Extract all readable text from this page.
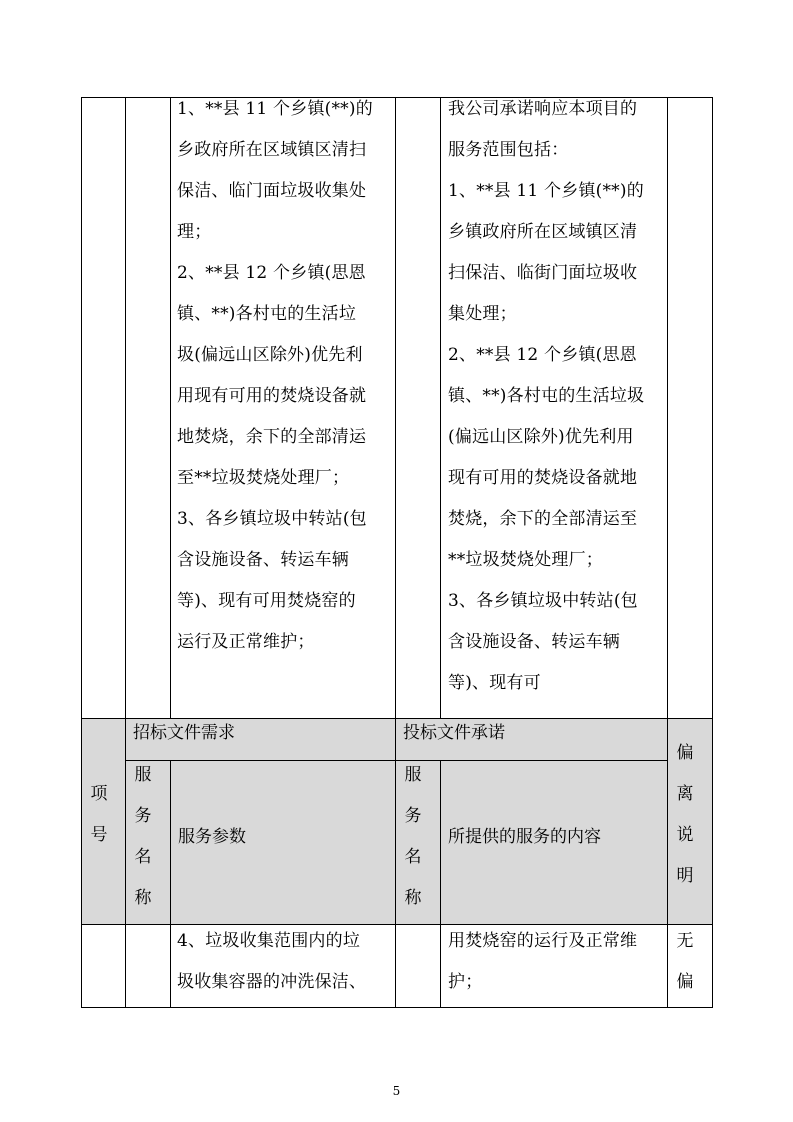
1、**县 11 个乡镇(**)的
乡政府所在区域镇区清扫
保洁、临门面垃圾收集处
理；
2、**县 12 个乡镇(思恩
镇、**)各村屯的生活垃
圾(偏远山区除外)优先利
用现有可用的焚烧设备就
地焚烧，余下的全部清运
至**垃圾焚烧处理厂；
3、各乡镇垃圾中转站(包
含设施设备、转运车辆
等)、现有可用焚烧窑的
运行及正常维护；
我公司承诺响应本项目的
服务范围包括：
1、**县 11 个乡镇(**)的
乡镇政府所在区域镇区清
扫保洁、临街门面垃圾收
集处理；
2、**县 12 个乡镇(思恩
镇、**)各村屯的生活垃圾
(偏远山区除外)优先利用
现有可用的焚烧设备就地
焚烧，余下的全部清运至
**垃圾焚烧处理厂；
3、各乡镇垃圾中转站(包
含设施设备、转运车辆
等)、现有可
项
号
招标文件需求	投标文件承诺
偏
离
说
明
服
务
名
称
服务参数
服
务
名
称
所提供的服务的内容
4、垃圾收集范围内的垃
圾收集容器的冲洗保洁、
用焚烧窑的运行及正常维
护；
无
偏
5
